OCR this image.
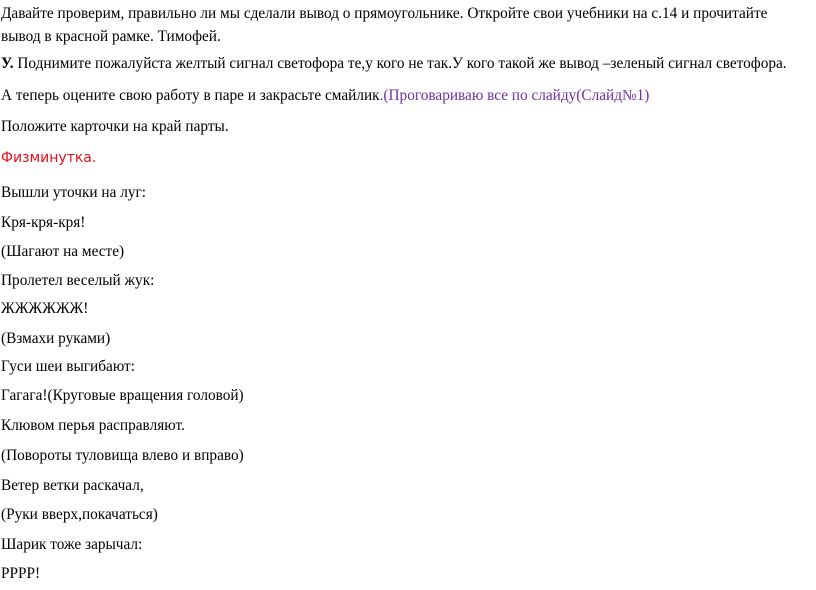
Давайте проверим, правильно ли мы сделали вывод о прямоугольнике. Откройте свои учебники на с.14 и прочитайте вывод в красной рамке. Тимофей.
У. Поднимите пожалуйста желтый сигнал светофора те,у кого не так.У кого такой же вывод –зеленый сигнал светофора.
А теперь оцените свою работу в паре и закрасьте смайлик.(Проговариваю все по слайду(Слайд№1)
Положите карточки на край парты.
Физминутка.
Вышли уточки на луг:
Кря-кря-кря!
(Шагают на месте)
Пролетел веселый жук:
ЖЖЖЖЖЖ!
(Взмахи руками)
Гуси шеи выгибают:
Гагага!(Круговые вращения головой)
Клювом перья расправляют.
(Повороты туловища влево и вправо)
Ветер ветки раскачал,
(Руки вверх,покачаться)
Шарик тоже зарычал:
РРРР!
